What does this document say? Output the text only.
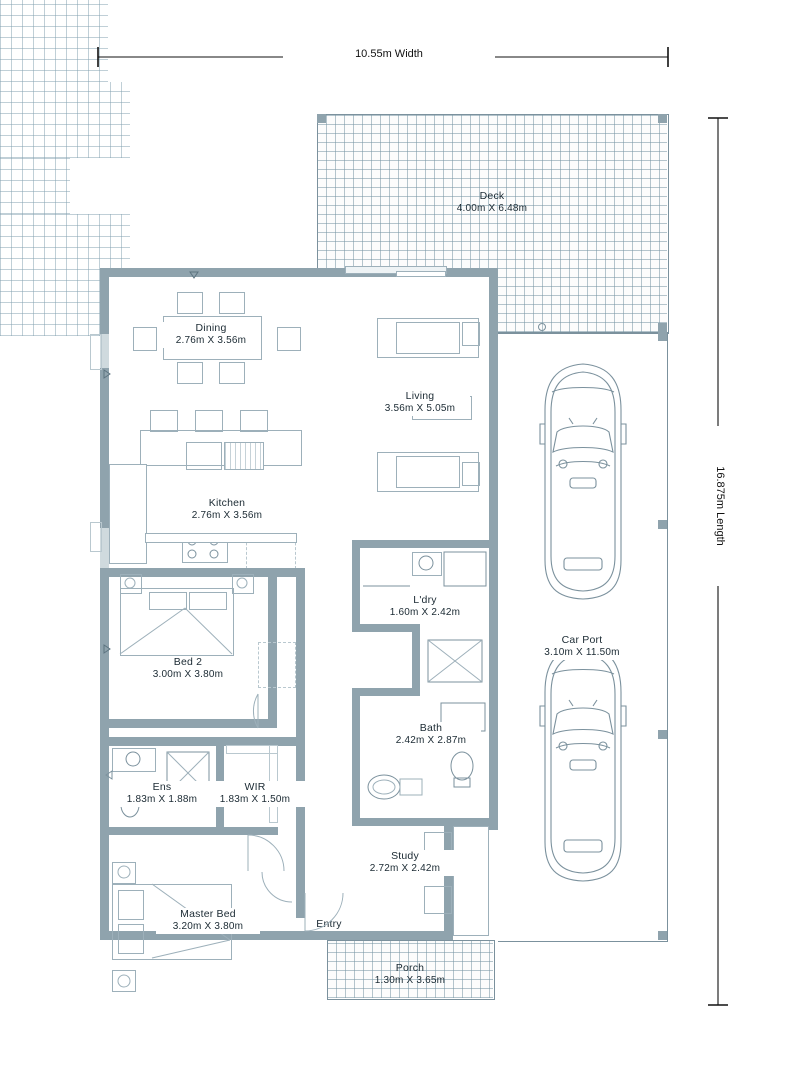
10.55m Width
16.875m Length
Deck
4.00m X 6.48m
Dining
2.76m X 3.56m
Kitchen
2.76m X 3.56m
Living
3.56m X 5.05m
Bed 2
3.00m X 3.80m
Ens
1.83m X 1.88m
WIR
1.83m X 1.50m
Master Bed
3.20m X 3.80m
L'dry
1.60m X 2.42m
Bath
2.42m X 2.87m
Study
2.72m X 2.42m
Entry
Porch
1.30m X 3.65m
Car Port
3.10m X 11.50m
